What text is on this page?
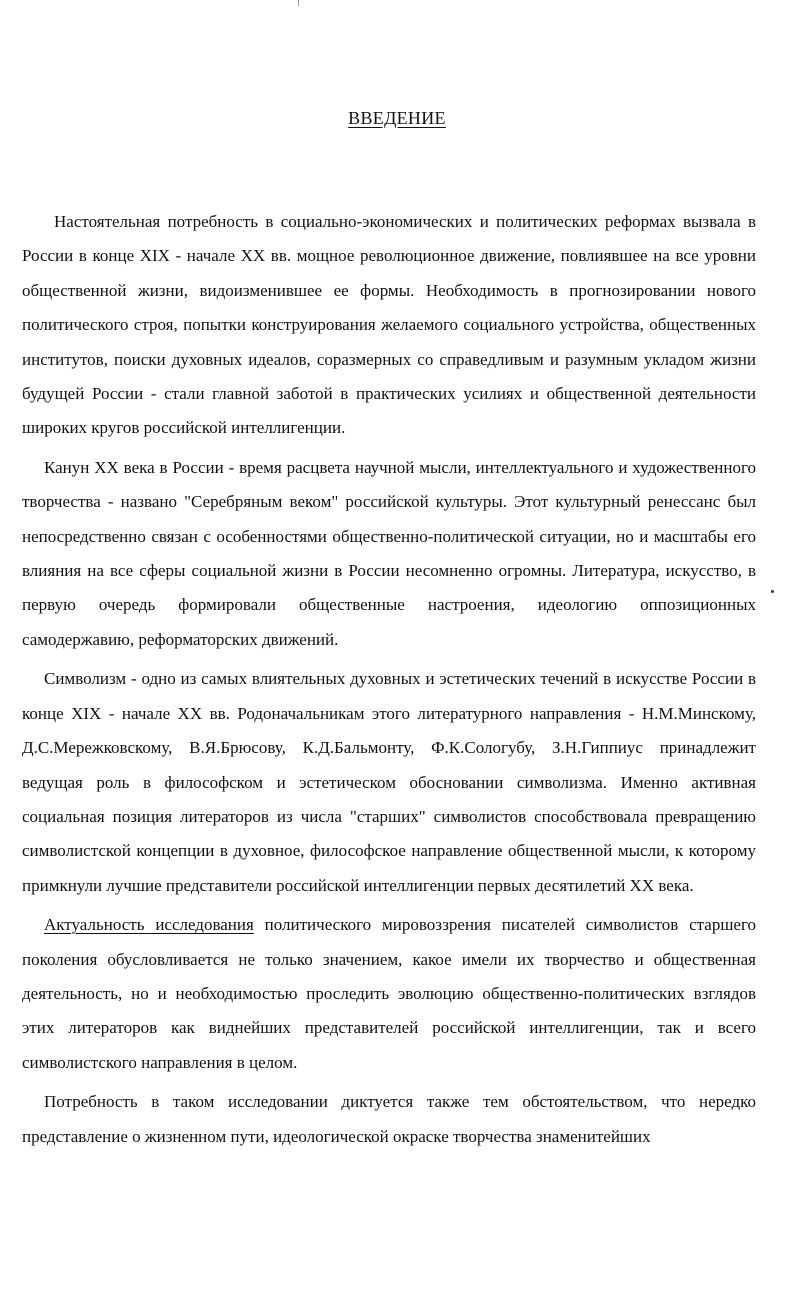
ВВЕДЕНИЕ

Настоятельная потребность в социально-экономических и политических реформах вызвала в России в конце XIX - начале XX вв. мощное революционное движение, повлиявшее на все уровни общественной жизни, видоизменившее ее формы. Необходимость в прогнозировании нового политического строя, попытки конструирования желаемого социального устройства, общественных институтов, поиски духовных идеалов, соразмерных со справедливым и разумным укладом жизни будущей России - стали главной заботой в практических усилиях и общественной деятельности широких кругов российской интеллигенции.

Канун XX века в России - время расцвета научной мысли, интеллектуального и художественного творчества - названо "Серебряным веком" российской культуры. Этот культурный ренессанс был непосредственно связан с особенностями общественно-политической ситуации, но и масштабы его влияния на все сферы социальной жизни в России несомненно огромны. Литература, искусство, в первую очередь формировали общественные настроения, идеологию оппозиционных самодержавию, реформаторских движений.

Символизм - одно из самых влиятельных духовных и эстетических течений в искусстве России в конце XIX - начале XX вв. Родоначальникам этого литературного направления - Н.М.Минскому, Д.С.Мережковскому, В.Я.Брюсову, К.Д.Бальмонту, Ф.К.Сологубу, З.Н.Гиппиус принадлежит ведущая роль в философском и эстетическом обосновании символизма. Именно активная социальная позиция литераторов из числа "старших" символистов способствовала превращению символистской концепции в духовное, философское направление общественной мысли, к которому примкнули лучшие представители российской интеллигенции первых десятилетий XX века.

Актуальность исследования политического мировоззрения писателей символистов старшего поколения обусловливается не только значением, какое имели их творчество и общественная деятельность, но и необходимостью проследить эволюцию общественно-политических взглядов этих литераторов как виднейших представителей российской интеллигенции, так и всего символистского направления в целом.

Потребность в таком исследовании диктуется также тем обстоятельством, что нередко представление о жизненном пути, идеологической окраске творчества знаменитейших
